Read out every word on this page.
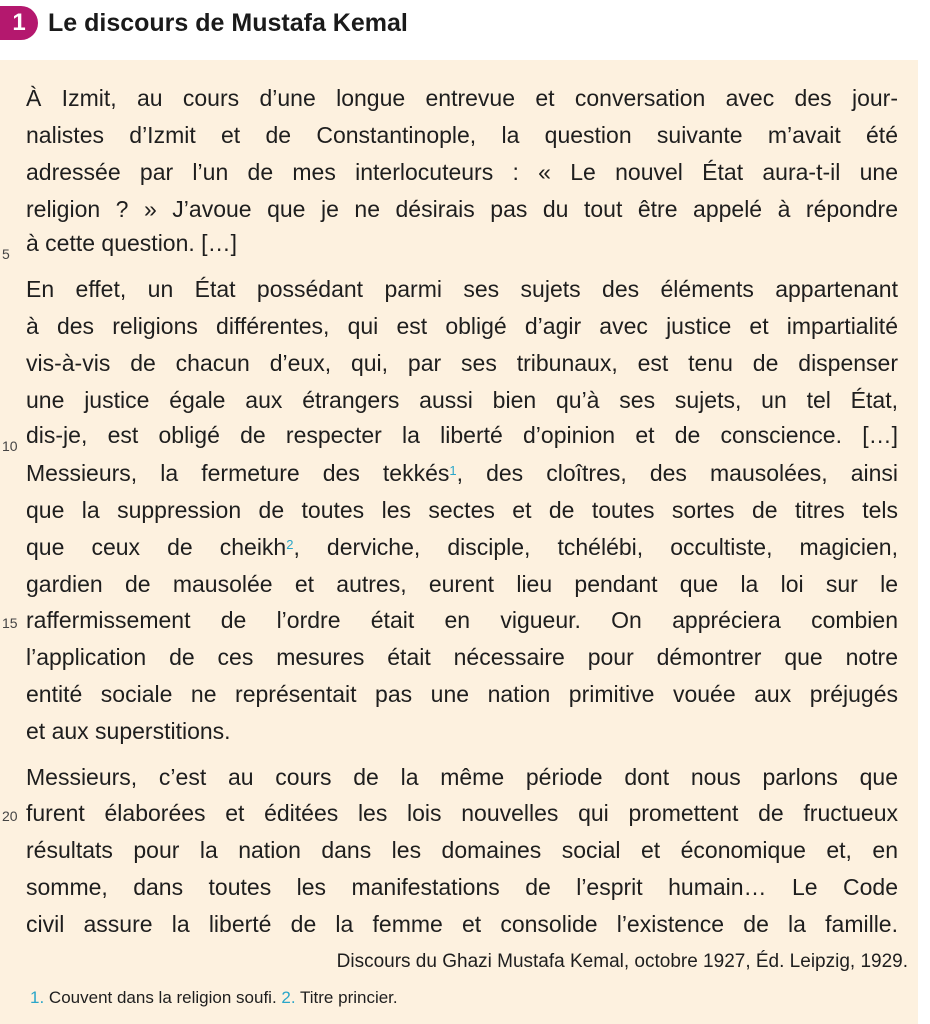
1 Le discours de Mustafa Kemal
À Izmit, au cours d’une longue entrevue et conversation avec des jour-
nalistes d’Izmit et de Constantinople, la question suivante m’avait été
adressée par l’un de mes interlocuteurs : « Le nouvel État aura-t-il une
religion ? » J’avoue que je ne désirais pas du tout être appelé à répondre
à cette question. […]
5
En effet, un État possédant parmi ses sujets des éléments appartenant
à des religions différentes, qui est obligé d’agir avec justice et impartialité
vis-à-vis de chacun d’eux, qui, par ses tribunaux, est tenu de dispenser
une justice égale aux étrangers aussi bien qu’à ses sujets, un tel État,
dis-je, est obligé de respecter la liberté d’opinion et de conscience. […]
10
Messieurs, la fermeture des tekkés$^1$, des cloîtres, des mausolées, ainsi
que la suppression de toutes les sectes et de toutes sortes de titres tels
que ceux de cheikh$^2$, derviche, disciple, tchélébi, occultiste, magicien,
gardien de mausolée et autres, eurent lieu pendant que la loi sur le
raffermissement de l’ordre était en vigueur. On appréciera combien
15
l’application de ces mesures était nécessaire pour démontrer que notre
entité sociale ne représentait pas une nation primitive vouée aux préjugés
et aux superstitions.
Messieurs, c’est au cours de la même période dont nous parlons que
furent élaborées et éditées les lois nouvelles qui promettent de fructueux
20
résultats pour la nation dans les domaines social et économique et, en
somme, dans toutes les manifestations de l’esprit humain… Le Code
civil assure la liberté de la femme et consolide l’existence de la famille.
Discours du Ghazi Mustafa Kemal, octobre 1927, Éd. Leipzig, 1929.
1. Couvent dans la religion soufi. 2. Titre princier.
